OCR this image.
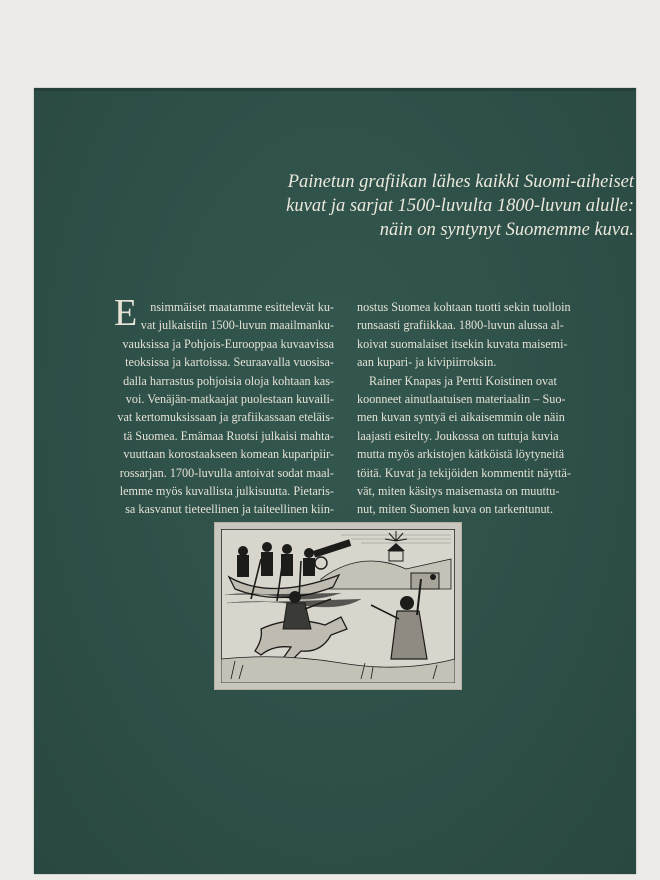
Painetun grafiikan lähes kaikki Suomi-aiheiset
kuvat ja sarjat 1500-luvulta 1800-luvun alulle:
näin on syntynyt Suomemme kuva.

E	nsimmäiset maatamme esittelevät ku-
vat julkaistiin 1500-luvun maailmanku-
vauksissa ja Pohjois-Eurooppaa kuvaavissa
teoksissa ja kartoissa. Seuraavalla vuosisa-
dalla harrastus pohjoisia oloja kohtaan kas-
voi. Venäjän-matkaajat puolestaan kuvaili-
vat kertomuksissaan ja grafiikassaan eteläis-
tä Suomea. Emämaa Ruotsi julkaisi mahta-
vuuttaan korostaakseen komean kuparipiir-
rossarjan. 1700-luvulla antoivat sodat maal-
lemme myös kuvallista julkisuutta. Pietaris-
sa kasvanut tieteellinen ja taiteellinen kiin-
nostus Suomea kohtaan tuotti sekin tuolloin
runsaasti grafiikkaa. 1800-luvun alussa al-
koivat suomalaiset itsekin kuvata maisemi-
aan kupari- ja kivipiirroksin.
Rainer Knapas ja Pertti Koistinen ovat
koonneet ainutlaatuisen materiaalin – Suo-
men kuvan syntyä ei aikaisemmin ole näin
laajasti esitelty. Joukossa on tuttuja kuvia
mutta myös arkistojen kätköistä löytyneitä
töitä. Kuvat ja tekijöiden kommentit näyttä-
vät, miten käsitys maisemasta on muuttu-
nut, miten Suomen kuva on tarkentunut.
